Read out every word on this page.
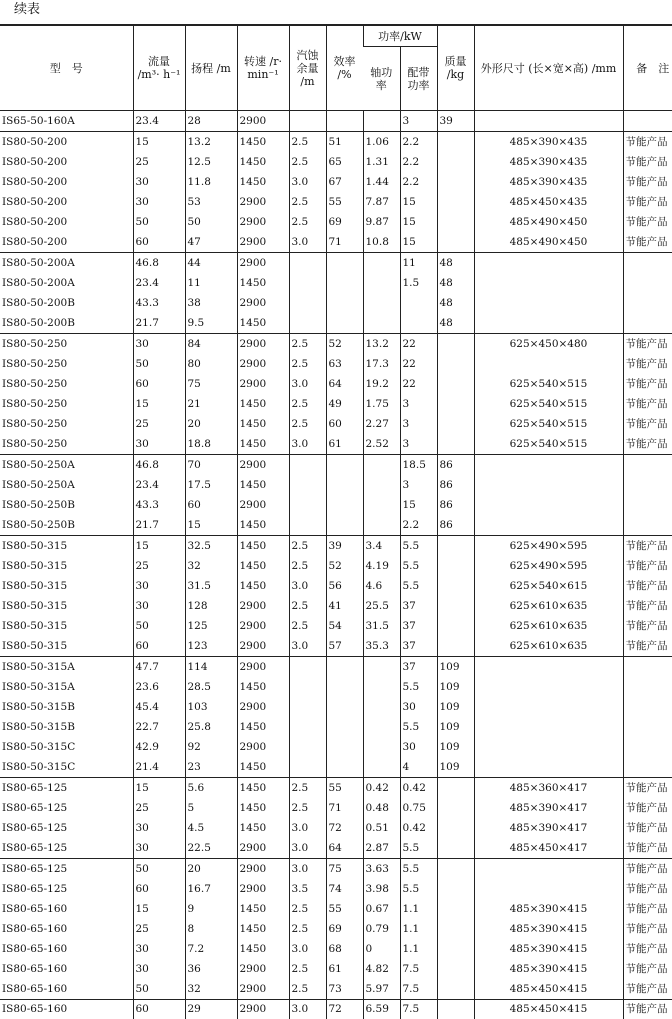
续表
型　号	流量 /m³· h⁻¹	扬程 /m	转速 /r· min⁻¹	汽蚀 余量 /m	效率 /%	功率/kW		质量 /kg	外形尺寸 (长×宽×高) /mm	备　注
						轴功率	配带 功率			
IS65-50-160A	23.4	28	2900				3	39		
IS80-50-200	15	13.2	1450	2.5	51	1.06	2.2		485×390×435	节能产品
IS80-50-200	25	12.5	1450	2.5	65	1.31	2.2		485×390×435	节能产品
IS80-50-200	30	11.8	1450	3.0	67	1.44	2.2		485×390×435	节能产品
IS80-50-200	30	53	2900	2.5	55	7.87	15		485×450×435	节能产品
IS80-50-200	50	50	2900	2.5	69	9.87	15		485×490×450	节能产品
IS80-50-200	60	47	2900	3.0	71	10.8	15		485×490×450	节能产品
IS80-50-200A	46.8	44	2900				11	48		
IS80-50-200A	23.4	11	1450				1.5	48		
IS80-50-200B	43.3	38	2900					48		
IS80-50-200B	21.7	9.5	1450					48		
IS80-50-250	30	84	2900	2.5	52	13.2	22		625×450×480	节能产品
IS80-50-250	50	80	2900	2.5	63	17.3	22			节能产品
IS80-50-250	60	75	2900	3.0	64	19.2	22		625×540×515	节能产品
IS80-50-250	15	21	1450	2.5	49	1.75	3		625×540×515	节能产品
IS80-50-250	25	20	1450	2.5	60	2.27	3		625×540×515	节能产品
IS80-50-250	30	18.8	1450	3.0	61	2.52	3		625×540×515	节能产品
IS80-50-250A	46.8	70	2900				18.5	86		
IS80-50-250A	23.4	17.5	1450				3	86		
IS80-50-250B	43.3	60	2900				15	86		
IS80-50-250B	21.7	15	1450				2.2	86		
IS80-50-315	15	32.5	1450	2.5	39	3.4	5.5		625×490×595	节能产品
IS80-50-315	25	32	1450	2.5	52	4.19	5.5		625×490×595	节能产品
IS80-50-315	30	31.5	1450	3.0	56	4.6	5.5		625×540×615	节能产品
IS80-50-315	30	128	2900	2.5	41	25.5	37		625×610×635	节能产品
IS80-50-315	50	125	2900	2.5	54	31.5	37		625×610×635	节能产品
IS80-50-315	60	123	2900	3.0	57	35.3	37		625×610×635	节能产品
IS80-50-315A	47.7	114	2900				37	109		
IS80-50-315A	23.6	28.5	1450				5.5	109		
IS80-50-315B	45.4	103	2900				30	109		
IS80-50-315B	22.7	25.8	1450				5.5	109		
IS80-50-315C	42.9	92	2900				30	109		
IS80-50-315C	21.4	23	1450				4	109		
IS80-65-125	15	5.6	1450	2.5	55	0.42	0.42		485×360×417	节能产品
IS80-65-125	25	5	1450	2.5	71	0.48	0.75		485×390×417	节能产品
IS80-65-125	30	4.5	1450	3.0	72	0.51	0.42		485×390×417	节能产品
IS80-65-125	30	22.5	2900	3.0	64	2.87	5.5		485×450×417	节能产品
IS80-65-125	50	20	2900	3.0	75	3.63	5.5			节能产品
IS80-65-125	60	16.7	2900	3.5	74	3.98	5.5			节能产品
IS80-65-160	15	9	1450	2.5	55	0.67	1.1		485×390×415	节能产品
IS80-65-160	25	8	1450	2.5	69	0.79	1.1		485×390×415	节能产品
IS80-65-160	30	7.2	1450	3.0	68	0	1.1		485×390×415	节能产品
IS80-65-160	30	36	2900	2.5	61	4.82	7.5		485×390×415	节能产品
IS80-65-160	50	32	2900	2.5	73	5.97	7.5		485×450×415	节能产品
IS80-65-160	60	29	2900	3.0	72	6.59	7.5		485×450×415	节能产品
